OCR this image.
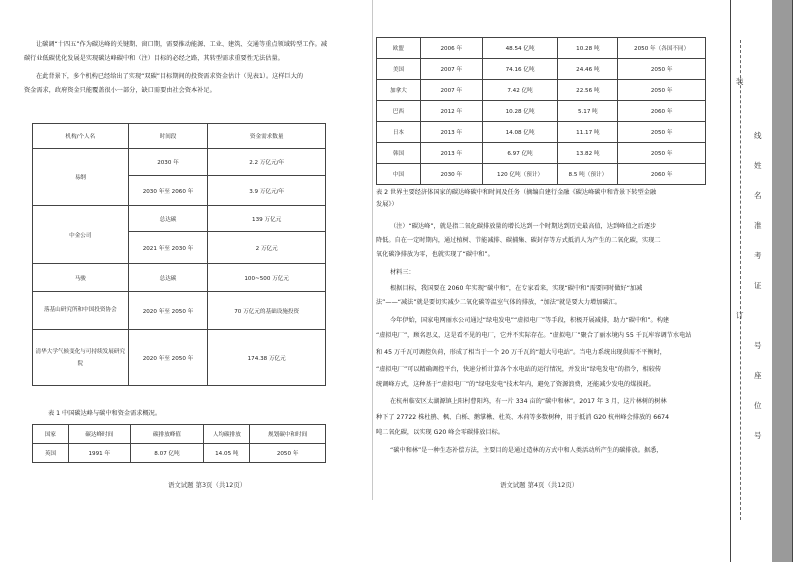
让碳调“十四五”作为碳达峰的关键期、窗口期，需要推动能源、工业、建筑、交通等重点领域转型工作。减
碳行业低碳优化发展是实现碳达峰碳中和（注）目标的必经之路，其转型需求重要性无法估量。
在此背景下，多个机构已经给出了实现“双碳”目标期间的投资需求资金估计（见表1）。这样巨大的
资金需求，政府资金只能覆盖很小一部分，缺口需要由社会资本补足。
机构/个人名	时间段	资金需求数量
易纲	2030 年	2.2 万亿元/年
	2030 年至 2060 年	3.9 万亿元/年
中金公司	总达碳	139 万亿元
	2021 年至 2030 年	2 万亿元
马骏	总达碳	100~500 万亿元
落基山研究所和中国投资协会	2020 年至 2050 年	70 万亿元的基础设施投资
清华大学气候变化与可持续发展研究院	2020 年至 2050 年	174.38 万亿元
表 1 中国碳达峰与碳中和资金需求概况。
国家	碳达峰时间	碳排放峰值	人均碳排放	规划碳中和时间
英国	1991 年	8.07 亿吨	14.05 吨	2050 年
语文试题 第3页（共12页）
欧盟	2006 年	48.54 亿吨	10.28 吨	2050 年（各国不同）
美国	2007 年	74.16 亿吨	24.46 吨	2050 年
加拿大	2007 年	7.42 亿吨	22.56 吨	2050 年
巴西	2012 年	10.28 亿吨	5.17 吨	2060 年
日本	2013 年	14.08 亿吨	11.17 吨	2050 年
韩国	2013 年	6.97 亿吨	13.82 吨	2050 年
中国	2030 年	120 亿吨（预计）	8.5 吨（预计）	2060 年
表 2 世界主要经济体国家的碳达峰碳中和时间及任务（摘编自建行金融《碳达峰碳中和背景下转型金融
发展》）
（注）“碳达峰”，就是指二氧化碳排放量的增长达到一个时期达到历史最高值，达到峰值之后逐步
降低。自在一定时期内，通过植树、节能减排、碳捕集、碳封存等方式抵消人为产生的二氧化碳，实现二
氧化碳净排放为零，也就实现了“碳中和”。
材料三：
根据目标，我国要在 2060 年实现“碳中和”，在专家看来，实现“碳中和”需要同时做好“加减
法”——“减法”就是要切实减少二氧化碳等温室气体的排放，“加法”就是要大力增加碳汇。
今年伊始，国家电网丽水公司通过“绿电发电”“虚拟电厂”等手段，积极开展减排，助力“碳中和”。构建
“虚拟电厂”，顾名思义，这是看不见的电厂，它并不实际存在。“虚拟电厂”聚合了丽水境内 55 千瓦库容调节水电站
和 45 万千瓦可调控负荷，形成了相当于一个 20 万千瓦的“超大号电站”。当电力系统出现供需不平衡时，
“虚拟电厂”可以精确调控平台，快速分析计算各个水电站的运行情况，并发出“绿电发电”的指令，相较传
统调峰方式，这种基于“虚拟电厂”的“绿电发电”技术年内，避免了资源浪费，还能减少发电的煤损耗。
在杭州临安区太湖源镇上阳村曹阳坞，有一片 334 亩的“碳中和林”。2017 年 3 月，这片林树的树林
种下了 27722 株杜鹃、枫、白栎、鹅掌楸、杜英、木荷等多数树种，用于抵消 G20 杭州峰会排放的 6674
吨二氧化碳，以实现 G20 峰会零碳排放目标。
“碳中和林”是一种生态补偿方法，主要目的是通过造林的方式中和人类活动所产生的碳排放。据悉，
语文试题 第4页（共12页）
装
订
线
姓
名
准
考
证
号
座
位
号
